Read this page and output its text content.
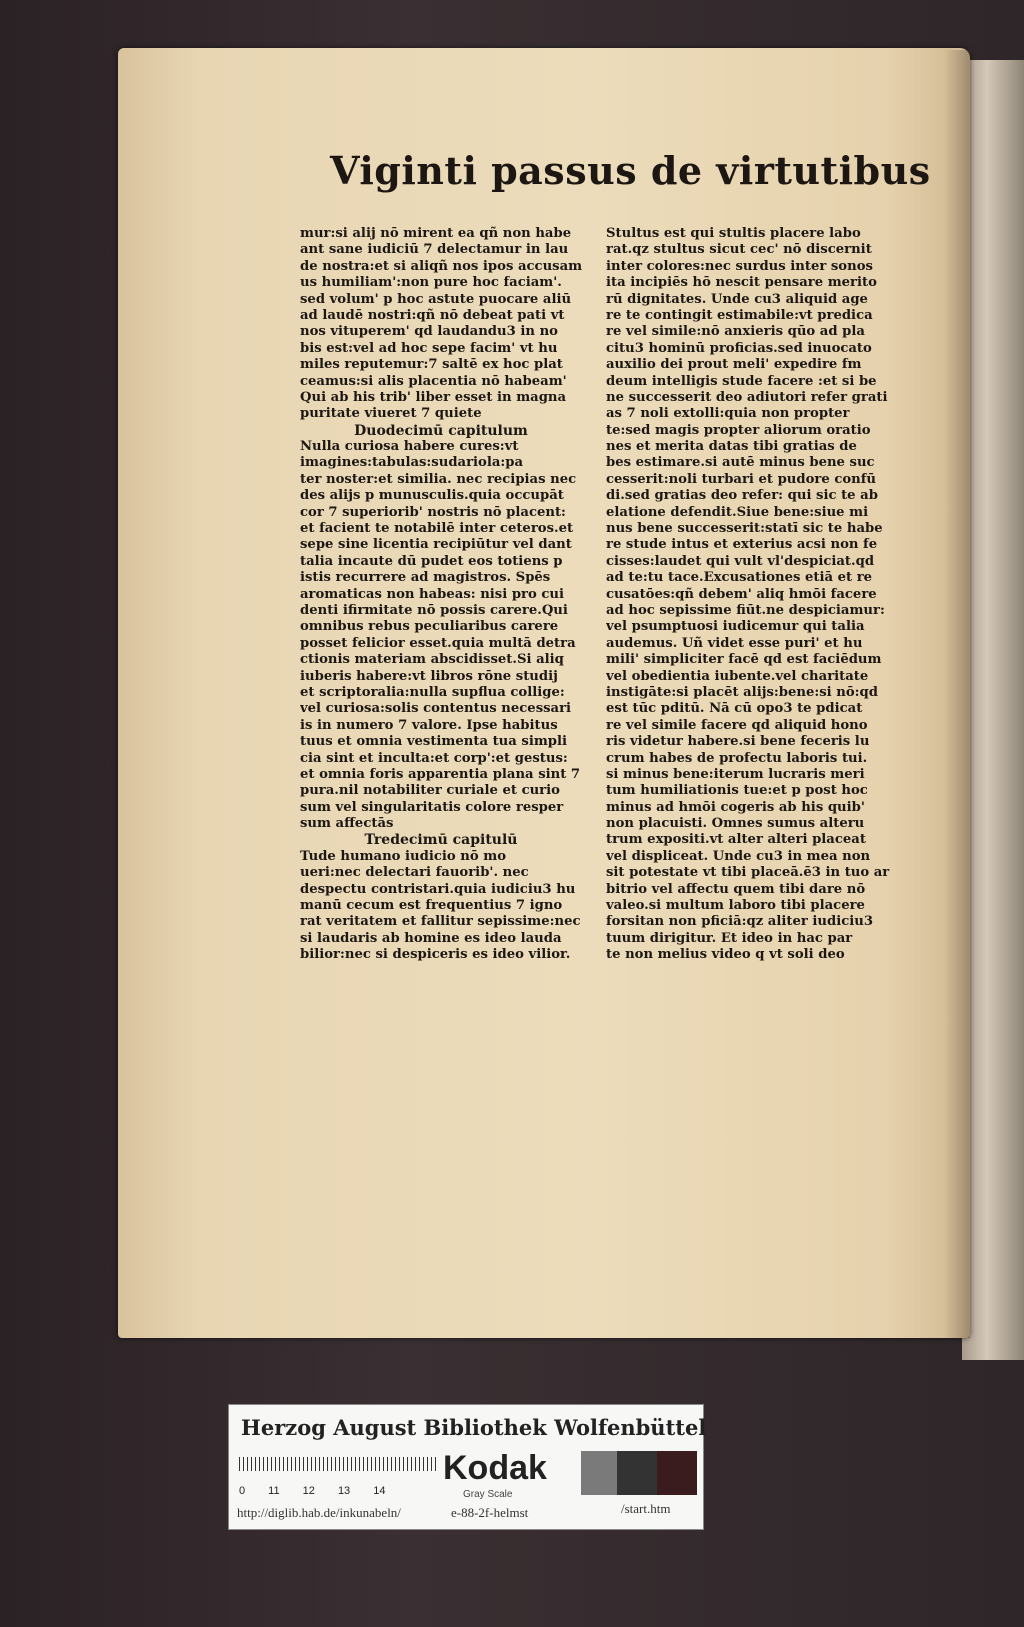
Viginti passus de virtutibus
mur:si alij nō mirent ea qñ non habe
ant sane iudiciū 7 delectamur in lau
de nostra:et si aliqñ nos ipos accusam
us humiliam':non pure hoc faciam'.
sed volum' p hoc astute puocare aliū
ad laudē nostri:qñ nō debeat pati vt
nos vituperem' qd laudandu3 in no
bis est:vel ad hoc sepe facim' vt hu
miles reputemur:7 saltē ex hoc plat
ceamus:si alis placentia nō habeam'
Qui ab his trib' liber esset in magna
puritate viueret 7 quiete
Duodecimū capitulum
Nulla curiosa habere cures:vt
imagines:tabulas:sudariola:pa
ter noster:et similia. nec recipias nec
des alijs p munusculis.quia occupāt
cor 7 superiorib' nostris nō placent:
et facient te notabilē inter ceteros.et
sepe sine licentia recipiūtur vel dant
talia incaute dū pudet eos totiens p
istis recurrere ad magistros. Spēs
aromaticas non habeas: nisi pro cui
denti ifirmitate nō possis carere.Qui
omnibus rebus peculiaribus carere
posset felicior esset.quia multā detra
ctionis materiam abscidisset.Si aliq
iuberis habere:vt libros rōne studij
et scriptoralia:nulla supflua collige:
vel curiosa:solis contentus necessari
is in numero 7 valore. Ipse habitus
tuus et omnia vestimenta tua simpli
cia sint et inculta:et corp':et gestus:
et omnia foris apparentia plana sint 7
pura.nil notabiliter curiale et curio
sum vel singularitatis colore resper
sum affectās
Tredecimū capitulū
Tude humano iudicio nō mo
ueri:nec delectari fauorib'. nec
despectu contristari.quia iudiciu3 hu
manū cecum est frequentius 7 igno
rat veritatem et fallitur sepissime:nec
si laudaris ab homine es ideo lauda
bilior:nec si despiceris es ideo vilior.
Stultus est qui stultis placere labo
rat.qz stultus sicut cec' nō discernit
inter colores:nec surdus inter sonos
ita incipiēs hō nescit pensare merito
rū dignitates. Unde cu3 aliquid age
re te contingit estimabile:vt predica
re vel simile:nō anxieris qūo ad pla
citu3 hominū proficias.sed inuocato
auxilio dei prout meli' expedire fm
deum intelligis stude facere :et si be
ne successerit deo adiutori refer grati
as 7 noli extolli:quia non propter
te:sed magis propter aliorum oratio
nes et merita datas tibi gratias de
bes estimare.si autē minus bene suc
cesserit:noli turbari et pudore confū
di.sed gratias deo refer: qui sic te ab
elatione defendit.Siue bene:siue mi
nus bene successerit:statī sic te habe
re stude intus et exterius acsi non fe
cisses:laudet qui vult vl'despiciat.qd
ad te:tu tace.Excusationes etiā et re
cusatōes:qñ debem' aliq hmōi facere
ad hoc sepissime fiūt.ne despiciamur:
vel psumptuosi iudicemur qui talia
audemus. Uñ videt esse puri' et hu
mili' simpliciter facē qd est faciēdum
vel obedientia iubente.vel charitate
instigāte:si placēt alijs:bene:si nō:qd
est tūc pditū. Nā cū opo3 te pdicat
re vel simile facere qd aliquid hono
ris videtur habere.si bene feceris lu
crum habes de profectu laboris tui.
si minus bene:iterum lucraris meri
tum humiliationis tue:et p post hoc
minus ad hmōi cogeris ab his quib'
non placuisti. Omnes sumus alteru
trum expositi.vt alter alteri placeat
vel displiceat. Unde cu3 in mea non
sit potestate vt tibi placeā.ē3 in tuo ar
bitrio vel affectu quem tibi dare nō
valeo.si multum laboro tibi placere
forsitan non pficiā:qz aliter iudiciu3
tuum dirigitur. Et ideo in hac par
te non melius video q vt soli deo
Herzog August Bibliothek Wolfenbüttel
0 11 12 13 14
Kodak
Gray Scale
http://diglib.hab.de/inkunabeln/	e-88-2f-helmst	/start.htm
